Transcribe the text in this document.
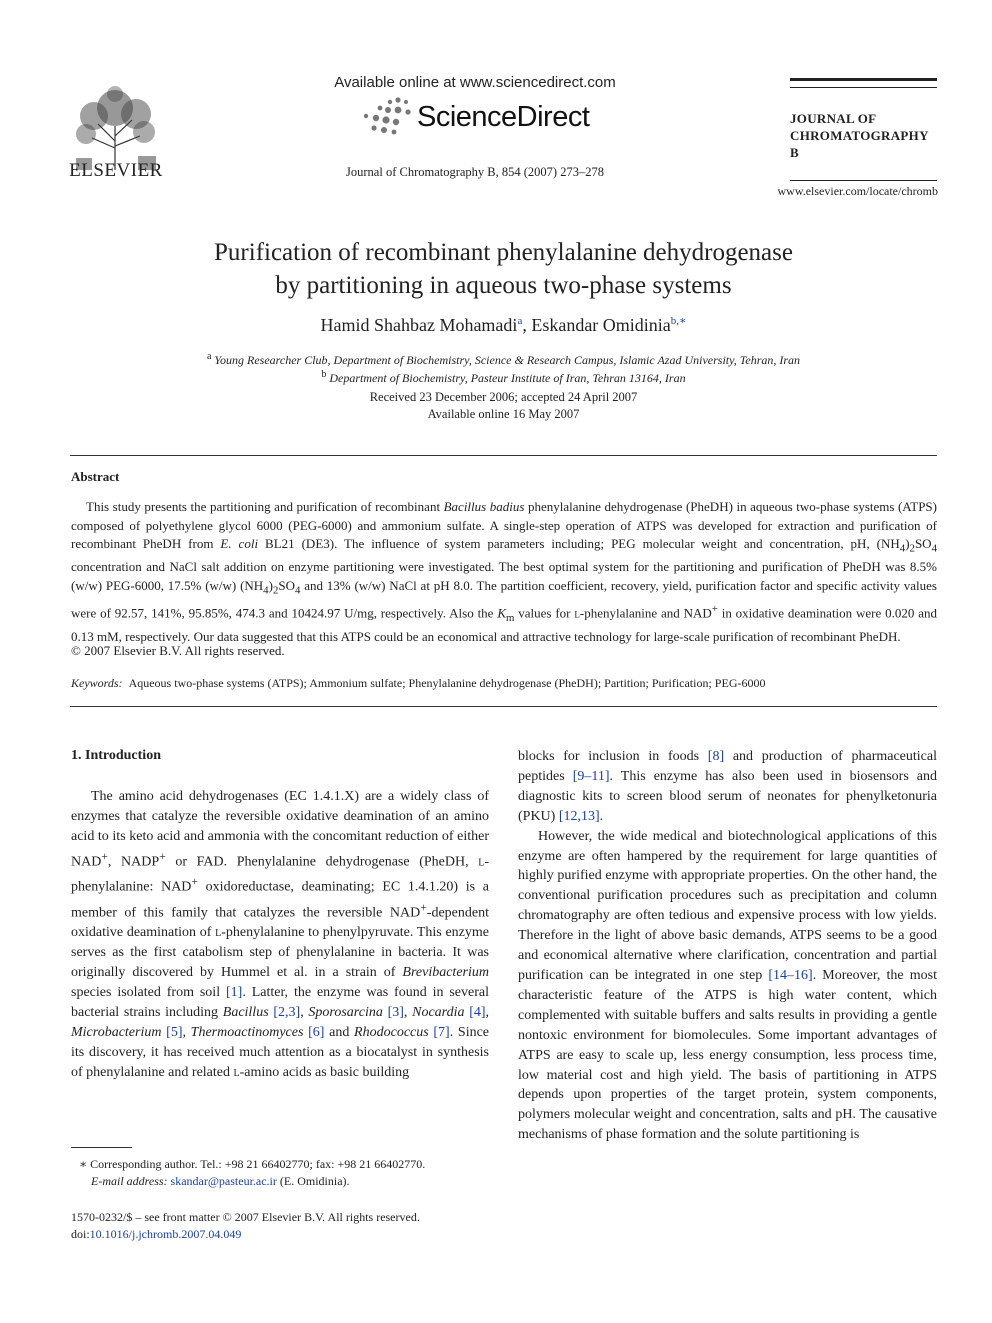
ELSEVIER
Available online at www.sciencedirect.com
ScienceDirect
Journal of Chromatography B, 854 (2007) 273–278
JOURNAL OF
CHROMATOGRAPHY B
www.elsevier.com/locate/chromb
Purification of recombinant phenylalanine dehydrogenase
by partitioning in aqueous two-phase systems
Hamid Shahbaz Mohamadi$^a$, Eskandar Omidinia$^{b,∗}$
$^a$ Young Researcher Club, Department of Biochemistry, Science & Research Campus, Islamic Azad University, Tehran, Iran
$^b$ Department of Biochemistry, Pasteur Institute of Iran, Tehran 13164, Iran
Received 23 December 2006; accepted 24 April 2007
Available online 16 May 2007
Abstract

This study presents the partitioning and purification of recombinant Bacillus badius phenylalanine dehydrogenase (PheDH) in aqueous two-phase systems (ATPS) composed of polyethylene glycol 6000 (PEG-6000) and ammonium sulfate. A single-step operation of ATPS was developed for extraction and purification of recombinant PheDH from E. coli BL21 (DE3). The influence of system parameters including; PEG molecular weight and concentration, pH, $(NH_4)_2SO_4$ concentration and NaCl salt addition on enzyme partitioning were investigated. The best optimal system for the partitioning and purification of PheDH was 8.5% (w/w) PEG-6000, 17.5% (w/w) $(NH_4)_2SO_4$ and 13% (w/w) NaCl at pH 8.0. The partition coefficient, recovery, yield, purification factor and specific activity values were of 92.57, 141%, 95.85%, 474.3 and 10424.97 U/mg, respectively. Also the $K_m$ values for l-phenylalanine and NAD+ in oxidative deamination were 0.020 and 0.13 mM, respectively. Our data suggested that this ATPS could be an economical and attractive technology for large-scale purification of recombinant PheDH.

© 2007 Elsevier B.V. All rights reserved.
Keywords: Aqueous two-phase systems (ATPS); Ammonium sulfate; Phenylalanine dehydrogenase (PheDH); Partition; Purification; PEG-6000
1. Introduction

The amino acid dehydrogenases (EC 1.4.1.X) are a widely class of enzymes that catalyze the reversible oxidative deamination of an amino acid to its keto acid and ammonia with the concomitant reduction of either NAD+, NADP+ or FAD. Phenylalanine dehydrogenase (PheDH, l-phenylalanine: NAD+ oxidoreductase, deaminating; EC 1.4.1.20) is a member of this family that catalyzes the reversible NAD+-dependent oxidative deamination of l-phenylalanine to phenylpyruvate. This enzyme serves as the first catabolism step of phenylalanine in bacteria. It was originally discovered by Hummel et al. in a strain of Brevibacterium species isolated from soil [1]. Latter, the enzyme was found in several bacterial strains including Bacillus [2,3], Sporosarcina [3], Nocardia [4], Microbacterium [5], Thermoactinomyces [6] and Rhodococcus [7]. Since its discovery, it has received much attention as a biocatalyst in synthesis of phenylalanine and related l-amino acids as basic building

blocks for inclusion in foods [8] and production of pharmaceutical peptides [9–11]. This enzyme has also been used in biosensors and diagnostic kits to screen blood serum of neonates for phenylketonuria (PKU) [12,13].

However, the wide medical and biotechnological applications of this enzyme are often hampered by the requirement for large quantities of highly purified enzyme with appropriate properties. On the other hand, the conventional purification procedures such as precipitation and column chromatography are often tedious and expensive process with low yields. Therefore in the light of above basic demands, ATPS seems to be a good and economical alternative where clarification, concentration and partial purification can be integrated in one step [14–16]. Moreover, the most characteristic feature of the ATPS is high water content, which complemented with suitable buffers and salts results in providing a gentle nontoxic environment for biomolecules. Some important advantages of ATPS are easy to scale up, less energy consumption, less process time, low material cost and high yield. The basis of partitioning in ATPS depends upon properties of the target protein, system components, polymers molecular weight and concentration, salts and pH. The causative mechanisms of phase formation and the solute partitioning is

∗ Corresponding author. Tel.: +98 21 66402770; fax: +98 21 66402770.
E-mail address: skandar@pasteur.ac.ir (E. Omidinia).
1570-0232/$ – see front matter © 2007 Elsevier B.V. All rights reserved.
doi:10.1016/j.jchromb.2007.04.049
